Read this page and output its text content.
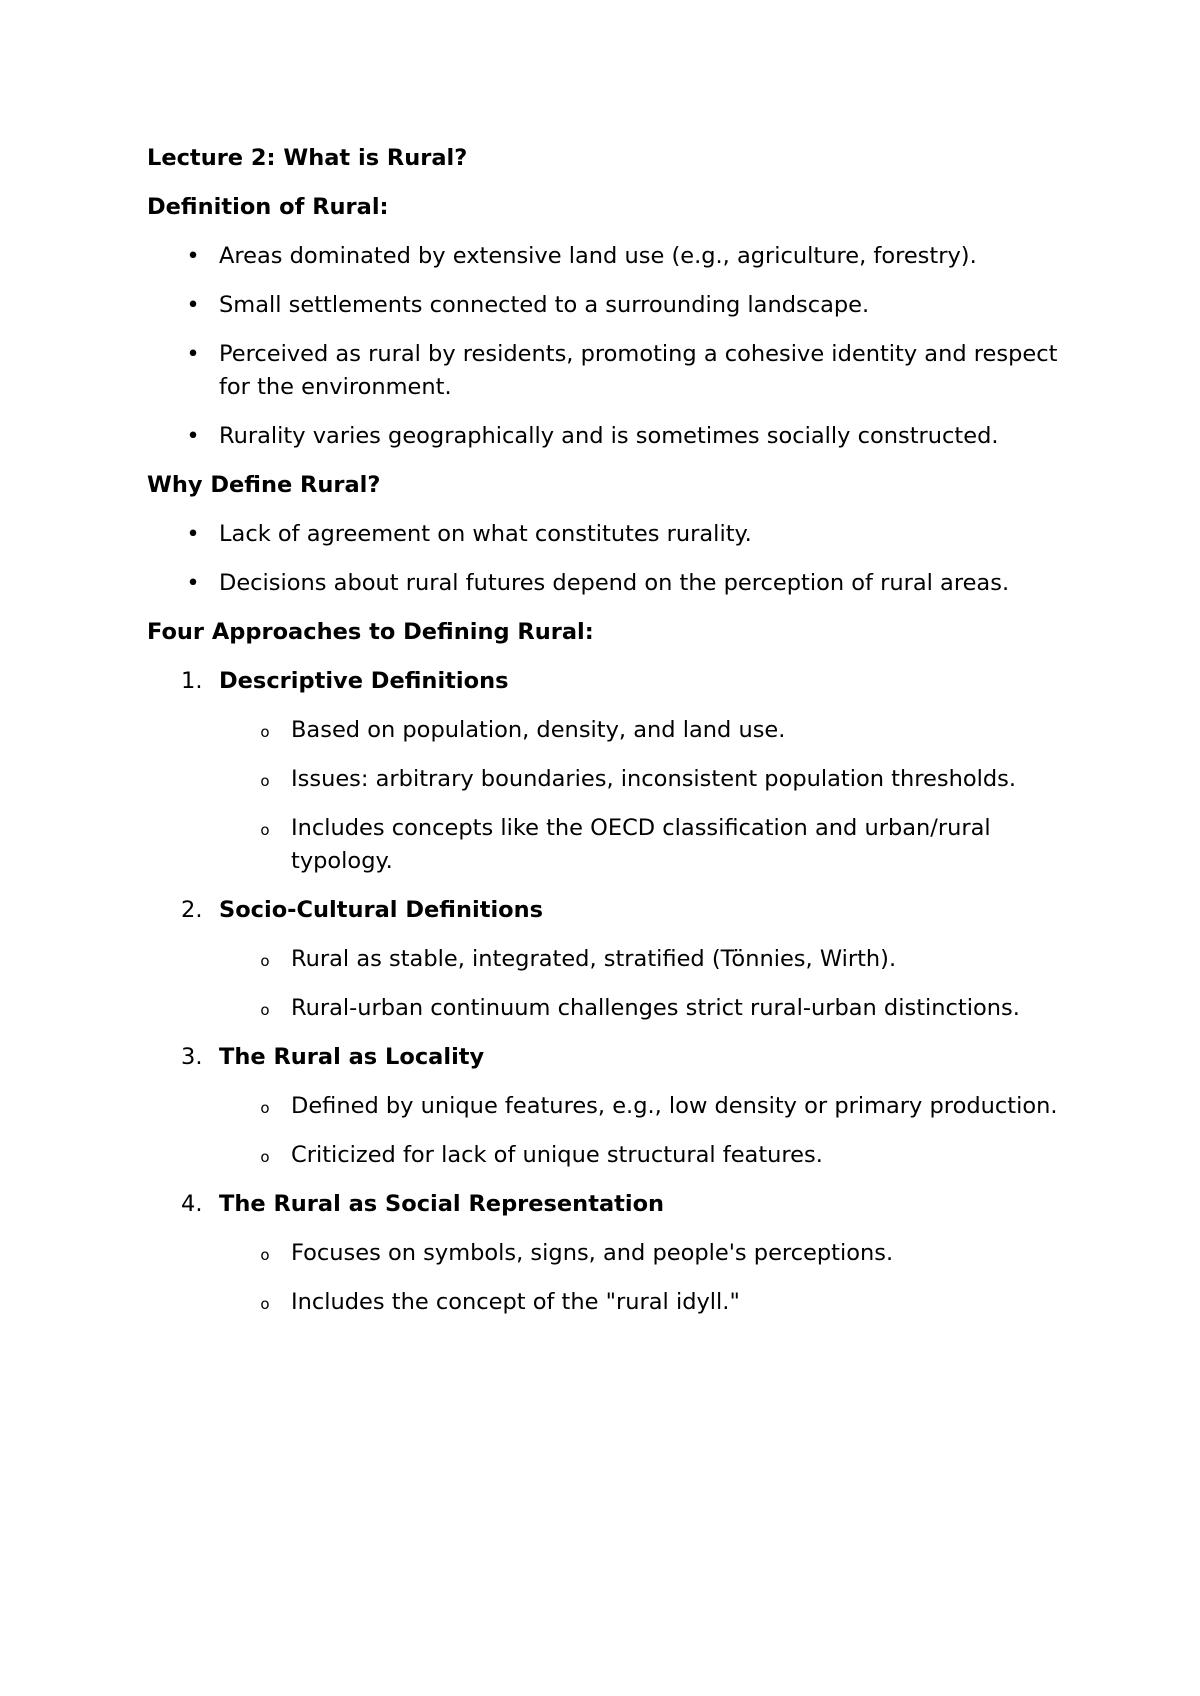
Lecture 2: What is Rural?
Definition of Rural:
• Areas dominated by extensive land use (e.g., agriculture, forestry).
• Small settlements connected to a surrounding landscape.
• Perceived as rural by residents, promoting a cohesive identity and respect for the environment.
• Rurality varies geographically and is sometimes socially constructed.
Why Define Rural?
• Lack of agreement on what constitutes rurality.
• Decisions about rural futures depend on the perception of rural areas.
Four Approaches to Defining Rural:
1. Descriptive Definitions
o Based on population, density, and land use.
o Issues: arbitrary boundaries, inconsistent population thresholds.
o Includes concepts like the OECD classification and urban/rural typology.
2. Socio-Cultural Definitions
o Rural as stable, integrated, stratified (Tönnies, Wirth).
o Rural-urban continuum challenges strict rural-urban distinctions.
3. The Rural as Locality
o Defined by unique features, e.g., low density or primary production.
o Criticized for lack of unique structural features.
4. The Rural as Social Representation
o Focuses on symbols, signs, and people's perceptions.
o Includes the concept of the "rural idyll."
